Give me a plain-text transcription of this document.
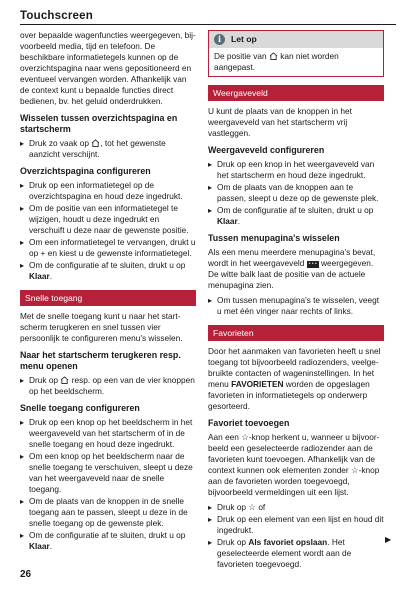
Touchscreen

over bepaalde wagenfuncties weergegeven, bijvoorbeeld media, tijd en telefoon. De beschikbare informatietegels kunnen op de overzichtspagina naar wens gepositioneerd en eventueel vervangen worden. Afhankelijk van de context kunt u bepaalde functies direct bedienen, bv. het geluid onderdrukken.

Wisselen tussen overzichtspagina en startscherm
▸ Druk zo vaak op , tot het gewenste aanzicht verschijnt.
Overzichtspagina configureren
▸ Druk op een informatietegel op de overzichtspagina en houd deze ingedrukt.
▸ Om de positie van een informatietegel te wijzigen, houdt u deze ingedrukt en verschuift u deze naar de gewenste positie.
▸ Om een informatietegel te vervangen, drukt u op + en kiest u de gewenste informatietegel.
▸ Om de configuratie af te sluiten, drukt u op Klaar.
Snelle toegang

Met de snelle toegang kunt u naar het startscherm terugkeren en snel tussen vier persoonlijk te configureren menu's wisselen.

Naar het startscherm terugkeren resp. menu openen
▸ Druk op resp. op een van de vier knoppen op het beeldscherm.
Snelle toegang configureren
▸ Druk op een knop op het beeldscherm in het weergaveveld van het startscherm of in de snelle toegang en houd deze ingedrukt.
▸ Om een knop op het beeldscherm naar de snelle toegang te verschuiven, sleept u deze van het weergaveveld naar de snelle toegang.
▸ Om de plaats van de knoppen in de snelle toegang aan te passen, sleept u deze in de snelle toegang op de gewenste plek.
▸ Om de configuratie af te sluiten, drukt u op Klaar.
i	Let op
De positie van kan niet worden aangepast.
Weergaveveld

U kunt de plaats van de knoppen in het weergaveveld van het startscherm vrij vastleggen.

Weergaveveld configureren
▸ Druk op een knop in het weergaveveld van het startscherm en houd deze ingedrukt.
▸ Om de plaats van de knoppen aan te passen, sleept u deze op de gewenste plek.
▸ Om de configuratie af te sluiten, drukt u op Klaar.
Tussen menupagina's wisselen

Als een menu meerdere menupagina's bevat, wordt in het weergaveveld • • • weergegeven. De witte balk laat de positie van de actuele menupagina zien.

▸ Om tussen menupagina's te wisselen, veegt u met één vinger naar rechts of links.
Favorieten

Door het aanmaken van favorieten heeft u snel toegang tot bijvoorbeeld radiozenders, veelgebruikte contacten of wageninstellingen. In het menu FAVORIETEN worden de opgeslagen favorieten in informatietegels op onderwerp gesorteerd.

Favoriet toevoegen

Aan een ☆-knop herkent u, wanneer u bijvoorbeeld een geselecteerde radiozender aan de favorieten kunt toevoegen. Afhankelijk van de context kunnen ook elementen zonder ☆-knop aan de favorieten worden toegevoegd, bijvoorbeeld vermeldingen uit een lijst.

▸ Druk op ☆ of
▸ Druk op een element van een lijst en houd dit ingedrukt.
▸ Druk op Als favoriet opslaan. Het geselecteerde element wordt aan de favorieten toegevoegd.
▶
26
